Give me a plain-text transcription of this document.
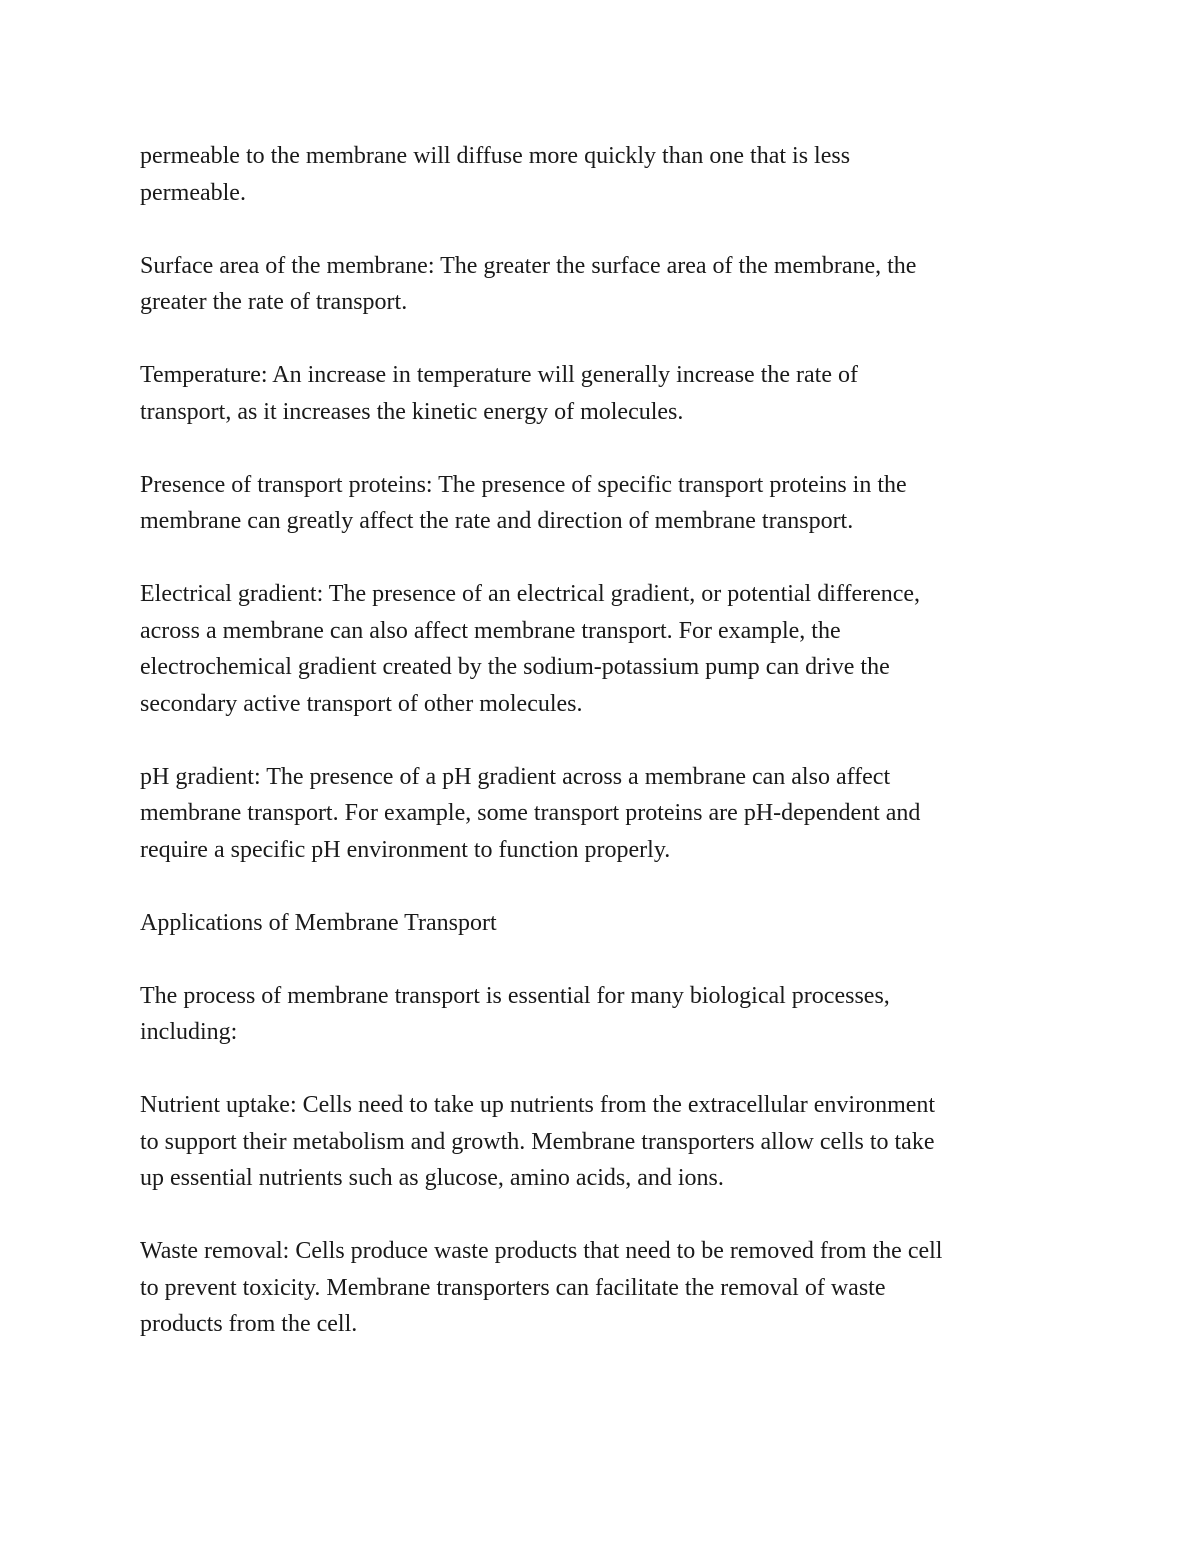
permeable to the membrane will diffuse more quickly than one that is less
permeable.

Surface area of the membrane: The greater the surface area of the membrane, the
greater the rate of transport.

Temperature: An increase in temperature will generally increase the rate of
transport, as it increases the kinetic energy of molecules.

Presence of transport proteins: The presence of specific transport proteins in the
membrane can greatly affect the rate and direction of membrane transport.

Electrical gradient: The presence of an electrical gradient, or potential difference,
across a membrane can also affect membrane transport. For example, the
electrochemical gradient created by the sodium-potassium pump can drive the
secondary active transport of other molecules.

pH gradient: The presence of a pH gradient across a membrane can also affect
membrane transport. For example, some transport proteins are pH-dependent and
require a specific pH environment to function properly.

Applications of Membrane Transport

The process of membrane transport is essential for many biological processes,
including:

Nutrient uptake: Cells need to take up nutrients from the extracellular environment
to support their metabolism and growth. Membrane transporters allow cells to take
up essential nutrients such as glucose, amino acids, and ions.

Waste removal: Cells produce waste products that need to be removed from the cell
to prevent toxicity. Membrane transporters can facilitate the removal of waste
products from the cell.
